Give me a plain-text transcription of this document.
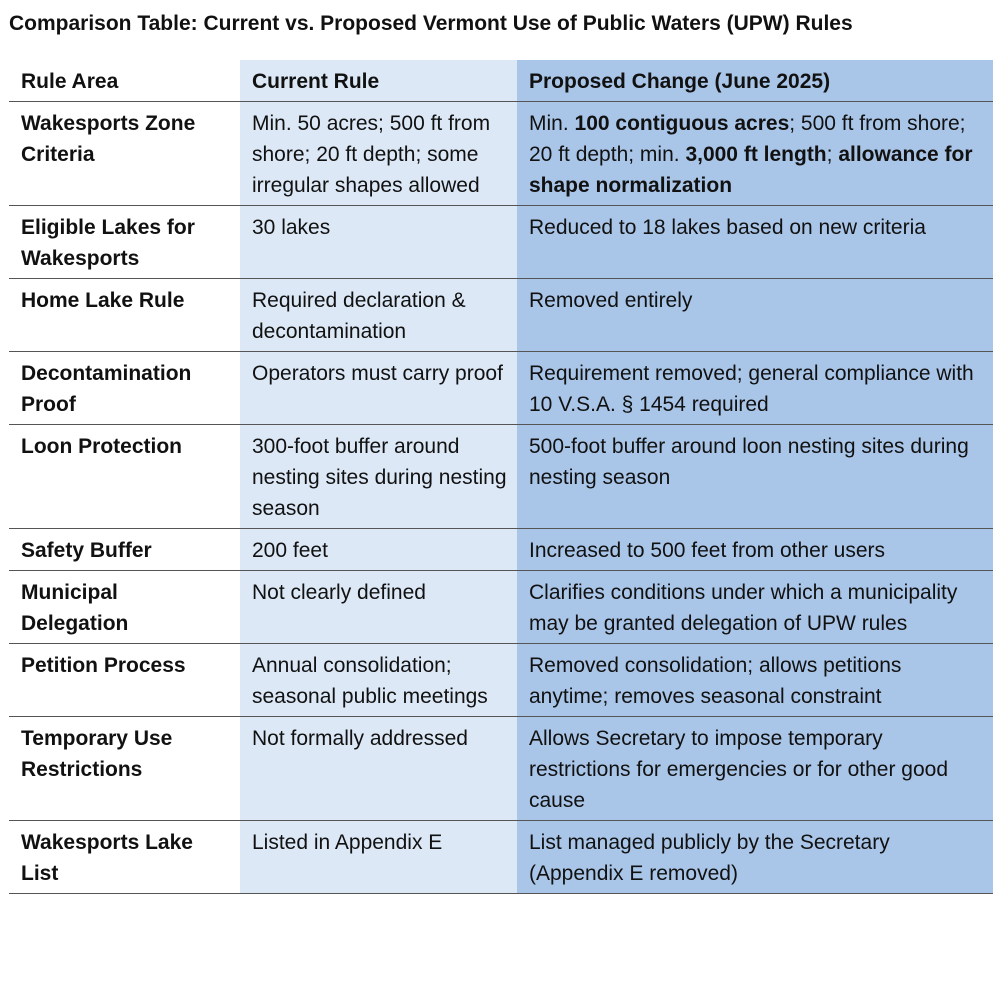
Comparison Table: Current vs. Proposed Vermont Use of Public Waters (UPW) Rules
Rule Area	Current Rule	Proposed Change (June 2025)
Wakesports Zone Criteria	Min. 50 acres; 500 ft from shore; 20 ft depth; some irregular shapes allowed	Min. 100 contiguous acres; 500 ft from shore; 20 ft depth; min. 3,000 ft length; allowance for shape normalization
Eligible Lakes for Wakesports	30 lakes	Reduced to 18 lakes based on new criteria
Home Lake Rule	Required declaration & decontamination	Removed entirely
Decontamination Proof	Operators must carry proof	Requirement removed; general compliance with 10 V.S.A. § 1454 required
Loon Protection	300-foot buffer around nesting sites during nesting season	500-foot buffer around loon nesting sites during nesting season
Safety Buffer	200 feet	Increased to 500 feet from other users
Municipal Delegation	Not clearly defined	Clarifies conditions under which a municipality may be granted delegation of UPW rules
Petition Process	Annual consolidation; seasonal public meetings	Removed consolidation; allows petitions anytime; removes seasonal constraint
Temporary Use Restrictions	Not formally addressed	Allows Secretary to impose temporary restrictions for emergencies or for other good cause
Wakesports Lake List	Listed in Appendix E	List managed publicly by the Secretary (Appendix E removed)
